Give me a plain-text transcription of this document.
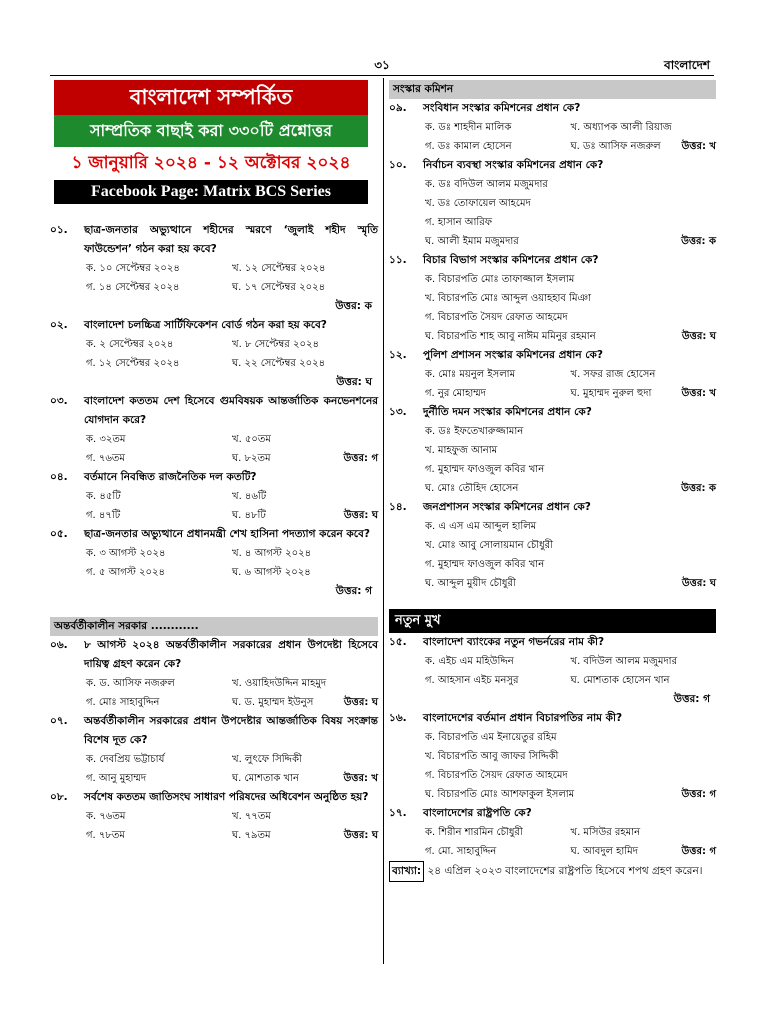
৩১	বাংলাদেশ
বাংলাদেশ সম্পর্কিত
সাম্প্রতিক বাছাই করা ৩৩০টি প্রশ্নোত্তর
১ জানুয়ারি ২০২৪ - ১২ অক্টোবর ২০২৪
Facebook Page: Matrix BCS Series
০১.	ছাত্র-জনতার অভ্যুত্থানে শহীদের স্মরণে ‘জুলাই শহীদ স্মৃতি ফাউন্ডেশন’ গঠন করা হয় কবে?
ক. ১০ সেপ্টেম্বর ২০২৪	খ. ১২ সেপ্টেম্বর ২০২৪
গ. ১৪ সেপ্টেম্বর ২০২৪	ঘ. ১৭ সেপ্টেম্বর ২০২৪
উত্তর: ক
০২.	বাংলাদেশ চলচ্চিত্র সার্টিফিকেশন বোর্ড গঠন করা হয় কবে?
ক. ২ সেপ্টেম্বর ২০২৪	খ. ৮ সেপ্টেম্বর ২০২৪
গ. ১২ সেপ্টেম্বর ২০২৪	ঘ. ২২ সেপ্টেম্বর ২০২৪
উত্তর: ঘ
০৩.	বাংলাদেশ কততম দেশ হিসেবে গুমবিষয়ক আন্তর্জাতিক কনভেনশনের যোগদান করে?
ক. ৩২তম	খ. ৫০তম
গ. ৭৬তম	ঘ. ৮২তম	উত্তর: গ
০৪.	বর্তমানে নিবন্ধিত রাজনৈতিক দল কতটি?
ক. ৪৫টি	খ. ৪৬টি
গ. ৪৭টি	ঘ. ৪৮টি	উত্তর: ঘ
০৫.	ছাত্র-জনতার অভ্যুত্থানে প্রধানমন্ত্রী শেখ হাসিনা পদত্যাগ করেন কবে?
ক. ৩ আগস্ট ২০২৪	খ. ৪ আগস্ট ২০২৪
গ. ৫ আগস্ট ২০২৪	ঘ. ৬ আগস্ট ২০২৪
উত্তর: গ
অন্তর্বর্তীকালীন সরকার ............
০৬.	৮ আগস্ট ২০২৪ অন্তর্বর্তীকালীন সরকারের প্রধান উপদেষ্টা হিসেবে দায়িত্ব গ্রহণ করেন কে?
ক. ড. আসিফ নজরুল	খ. ওয়াহিদউদ্দিন মাহমুদ
গ. মোঃ সাহাবুদ্দিন	ঘ. ড. মুহাম্মদ ইউনুস	উত্তর: ঘ
০৭.	অন্তর্বর্তীকালীন সরকারের প্রধান উপদেষ্টার আন্তর্জাতিক বিষয় সংক্রান্ত বিশেষ দূত কে?
ক. দেবপ্রিয় ভট্টাচার্য	খ. লুৎফে সিদ্দিকী
গ. আনু মুহাম্মদ	ঘ. মোশতাক খান	উত্তর: খ
০৮.	সর্বশেষ কততম জাতিসংঘ সাধারণ পরিষদের অধিবেশন অনুষ্ঠিত হয়?
ক. ৭৬তম	খ. ৭৭তম
গ. ৭৮তম	ঘ. ৭৯তম	উত্তর: ঘ
সংস্কার কমিশন
০৯.	সংবিধান সংস্কার কমিশনের প্রধান কে?
ক. ডঃ শাহদীন মালিক	খ. অধ্যাপক আলী রিয়াজ
গ. ডঃ কামাল হোসেন	ঘ. ডঃ আসিফ নজরুল	উত্তর: খ
১০.	নির্বাচন ব্যবস্থা সংস্কার কমিশনের প্রধান কে?
ক. ডঃ বদিউল আলম মজুমদার
খ. ডঃ তোফায়েল আহমেদ
গ. হাসান আরিফ
ঘ. আলী ইমাম মজুমদার	উত্তর: ক
১১.	বিচার বিভাগ সংস্কার কমিশনের প্রধান কে?
ক. বিচারপতি মোঃ তাফাজ্জাল ইসলাম
খ. বিচারপতি মোঃ আব্দুল ওয়াহহাব মিঞা
গ. বিচারপতি সৈয়দ রেফাত আহমেদ
ঘ. বিচারপতি শাহ আবু নাঈম মমিনুর রহমান	উত্তর: ঘ
১২.	পুলিশ প্রশাসন সংস্কার কমিশনের প্রধান কে?
ক. মোঃ ময়নুল ইসলাম	খ. সফর রাজ হোসেন
গ. নুর মোহাম্মদ	ঘ. মুহাম্মদ নুরুল হুদা	উত্তর: খ
১৩.	দুর্নীতি দমন সংস্কার কমিশনের প্রধান কে?
ক. ডঃ ইফতেখারুজ্জামান
খ. মাহফুজ আনাম
গ. মুহাম্মদ ফাওজুল কবির খান
ঘ. মোঃ তৌহিদ হোসেন	উত্তর: ক
১৪.	জনপ্রশাসন সংস্কার কমিশনের প্রধান কে?
ক. এ এস এম আব্দুল হালিম
খ. মোঃ আবু সোলায়মান চৌধুরী
গ. মুহাম্মদ ফাওজুল কবির খান
ঘ. আব্দুল মুয়ীদ চৌধুরী	উত্তর: ঘ
নতুন মুখ
১৫.	বাংলাদেশ ব্যাংকের নতুন গভর্নরের নাম কী?
ক. এইচ এম মহিউদ্দিন	খ. বদিউল আলম মজুমদার
গ. আহসান এইচ মনসুর	ঘ. মোশতাক হোসেন খান
উত্তর: গ
১৬.	বাংলাদেশের বর্তমান প্রধান বিচারপতির নাম কী?
ক. বিচারপতি এম ইনায়েতুর রহিম
খ. বিচারপতি আবু জাফর সিদ্দিকী
গ. বিচারপতি সৈয়দ রেফাত আহমেদ
ঘ. বিচারপতি মোঃ আশফাকুল ইসলাম	উত্তর: গ
১৭.	বাংলাদেশের রাষ্ট্রপতি কে?
ক. শিরীন শারমিন চৌধুরী	খ. মসিউর রহমান
গ. মো. সাহাবুদ্দিন	ঘ. আবদুল হামিদ	উত্তর: গ
ব্যাখ্যা: ২৪ এপ্রিল ২০২৩ বাংলাদেশের রাষ্ট্রপতি হিসেবে শপথ গ্রহণ করেন।
